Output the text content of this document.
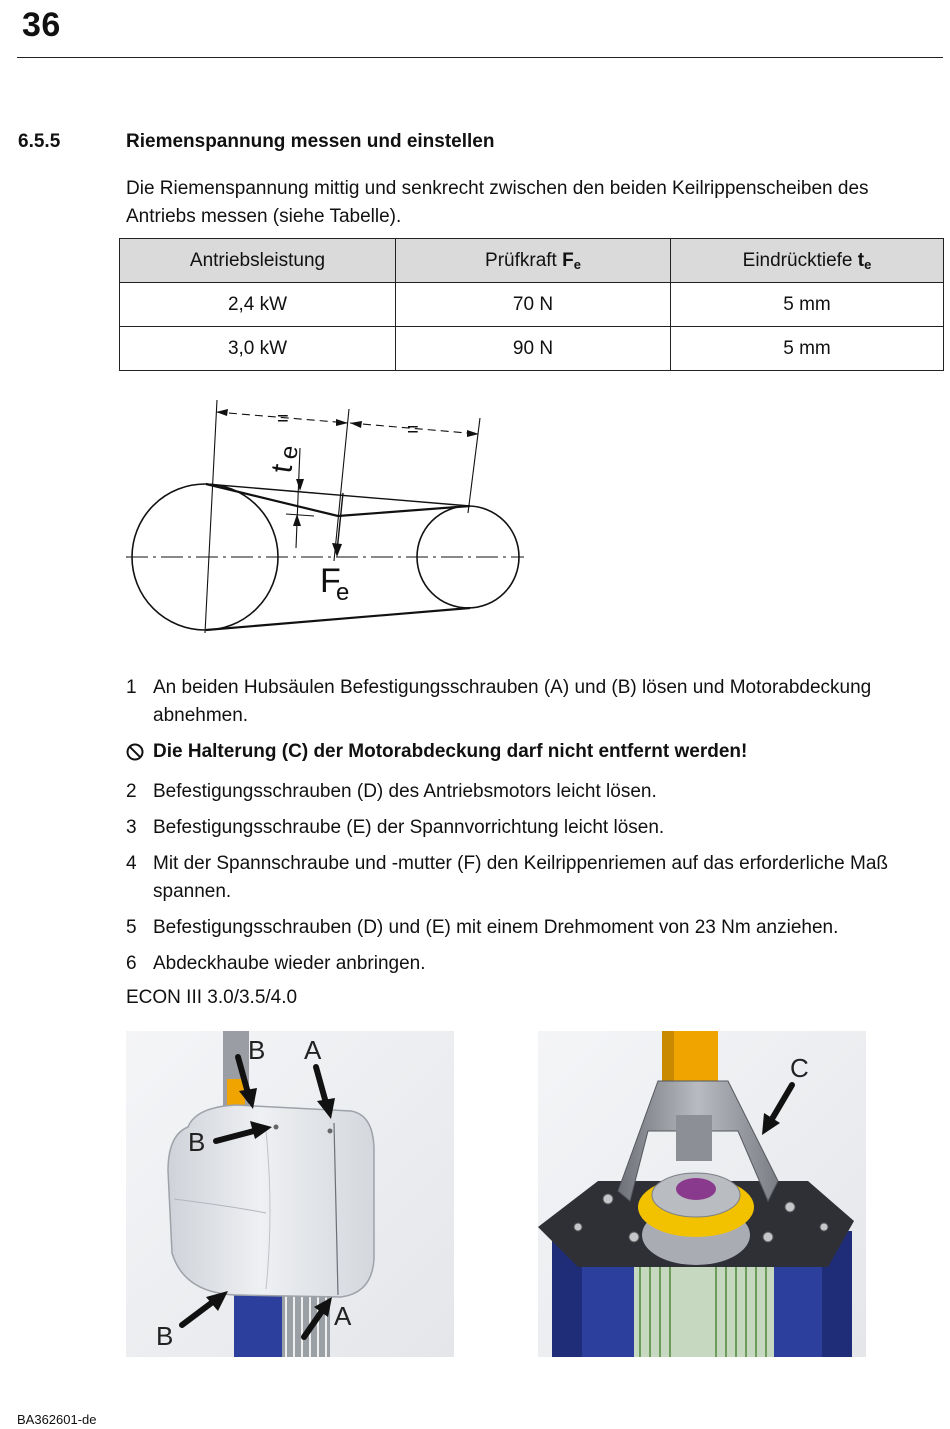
36
6.5.5	Riemenspannung messen und einstellen
Die Riemenspannung mittig und senkrecht zwischen den beiden Keilrippenscheiben des Antriebs messen (siehe Tabelle).
Antriebsleistung	Prüfkraft $F_e$	Eindrücktiefe $t_e$
2,4 kW	70 N	5 mm
3,0 kW	90 N	5 mm
=	=
t
e
F
e
1 An beiden Hubsäulen Befestigungsschrauben (A) und (B) lösen und Motorabdeckung abnehmen.
Die Halterung (C) der Motorabdeckung darf nicht entfernt werden!
2 Befestigungsschrauben (D) des Antriebsmotors leicht lösen.
3 Befestigungsschraube (E) der Spannvorrichtung leicht lösen.
4 Mit der Spannschraube und -mutter (F) den Keilrippenriemen auf das erforderliche Maß spannen.
5 Befestigungsschrauben (D) und (E) mit einem Drehmoment von 23 Nm anziehen.
6 Abdeckhaube wieder anbringen.
ECON III 3.0/3.5/4.0
B A
B
B
A
C
BA362601-de
